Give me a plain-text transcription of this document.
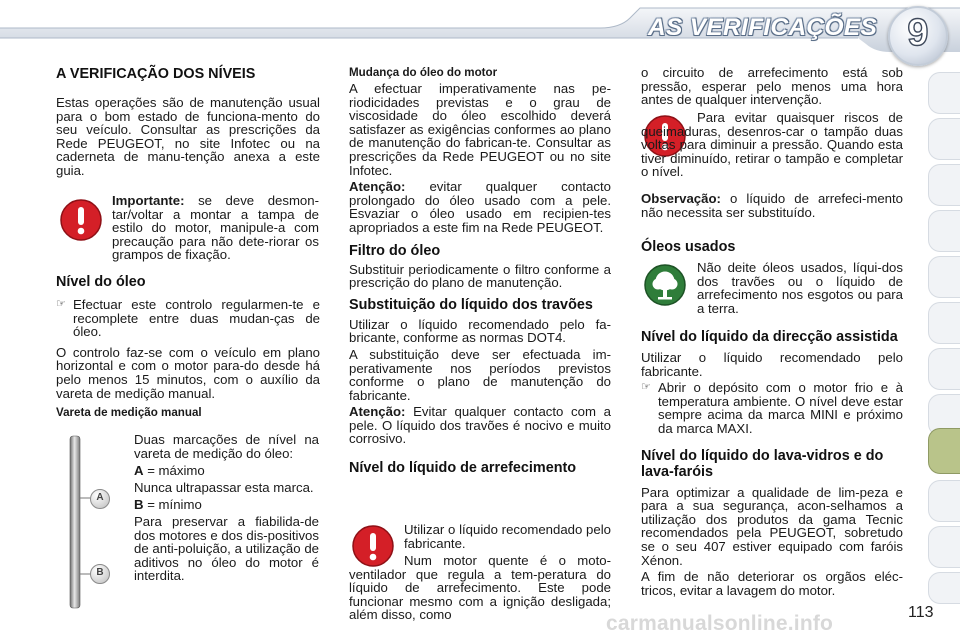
AS VERIFICAÇÕES 9
A VERIFICAÇÃO DOS NÍVEIS

Estas operações são de manutenção usual para o bom estado de funciona-mento do seu veículo. Consultar as prescrições da Rede PEUGEOT, no site Infotec ou na caderneta de manu-tenção anexa a este guia.

Importante: se deve desmon-tar/voltar a montar a tampa de estilo do motor, manipule-a com precaução para não dete-riorar os grampos de fixação.

Nível do óleo

☞ Efectuar este controlo regularmen-te e recomplete entre duas mudan-ças de óleo.

O controlo faz-se com o veículo em plano horizontal e com o motor para-do desde há pelo menos 15 minutos, com o auxílio da vareta de medição manual.

Vareta de medição manual
A
B

Duas marcações de nível na vareta de medição do óleo:

A = máximo

Nunca ultrapassar esta marca.

B = mínimo

Para preservar a fiabilida-de dos motores e dos dis-positivos de anti-poluição, a utilização de aditivos no óleo do motor é interdita.

Mudança do óleo do motor

A efectuar imperativamente nas pe-riodicidades previstas e o grau de viscosidade do óleo escolhido deverá satisfazer as exigências conformes ao plano de manutenção do fabrican-te. Consultar as prescrições da Rede PEUGEOT ou no site Infotec.

Atenção: evitar qualquer contacto prolongado do óleo usado com a pele. Esvaziar o óleo usado em recipien-tes apropriados a este fim na Rede PEUGEOT.

Filtro do óleo

Substituir periodicamente o filtro conforme a prescrição do plano de manutenção.

Substituição do líquido dos travões

Utilizar o líquido recomendado pelo fa-bricante, conforme as normas DOT4.

A substituição deve ser efectuada im-perativamente nos períodos previstos conforme o plano de manutenção do fabricante.

Atenção: Evitar qualquer contacto com a pele. O líquido dos travões é nocivo e muito corrosivo.

Nível do líquido de arrefecimento

Utilizar o líquido recomendado pelo fabricante.

Num motor quente é o moto-ventilador que regula a tem-peratura do líquido de arrefecimento. Este pode funcionar mesmo com a ignição desligada; além disso, como

o circuito de arrefecimento está sob pressão, esperar pelo menos uma hora antes de qualquer intervenção.

Para evitar quaisquer riscos de queimaduras, desenros-car o tampão duas voltas para diminuir a pressão. Quando esta tiver diminuído, retirar o tampão e completar o nível.

Observação: o líquido de arrefeci-mento não necessita ser substituído.

Óleos usados

Não deite óleos usados, líqui-dos dos travões ou o líquido de arrefecimento nos esgotos ou para a terra.

Nível do líquido da direcção assistida

Utilizar o líquido recomendado pelo fabricante.

☞ Abrir o depósito com o motor frio e à temperatura ambiente. O nível deve estar sempre acima da marca MINI e próximo da marca MAXI.

Nível do líquido do lava-vidros e do lava-faróis

Para optimizar a qualidade de lim-peza e para a sua segurança, acon-selhamos a utilização dos produtos da gama Tecnic recomendados pela PEUGEOT, sobretudo se o seu 407 estiver equipado com faróis Xénon.

A fim de não deteriorar os orgãos eléc-tricos, evitar a lavagem do motor.

carmanualsonline.info	113
